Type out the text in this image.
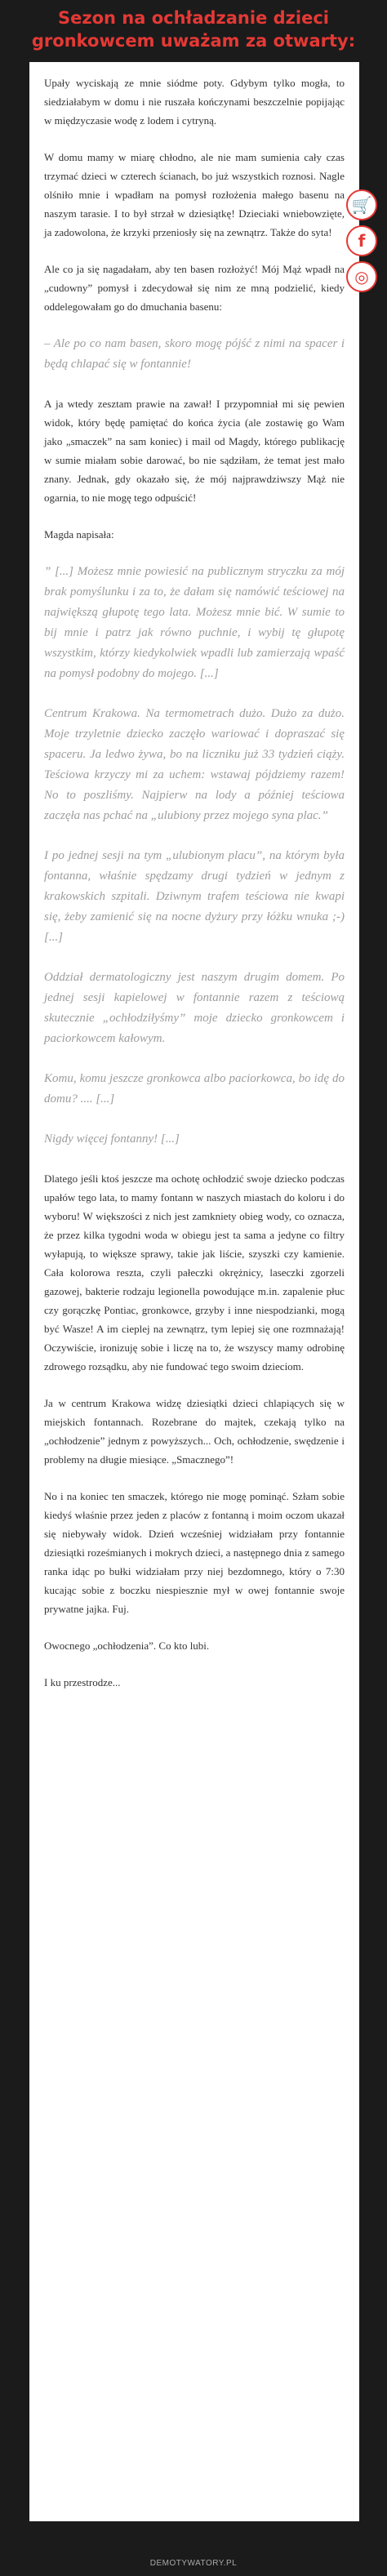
Sezon na ochładzanie dzieci gronkowcem uważam za otwarty:

Upały wyciskają ze mnie siódme poty. Gdybym tylko mogła, to siedziałabym w domu i nie ruszała kończynami beszczelnie popijając w międzyczasie wodę z lodem i cytryną.

W domu mamy w miarę chłodno, ale nie mam sumienia cały czas trzymać dzieci w czterech ścianach, bo już wszystkich roznosi. Nagle olśniło mnie i wpadłam na pomysł rozłożenia małego basenu na naszym tarasie. I to był strzał w dziesiątkę! Dzieciaki wniebowzięte, ja zadowolona, że krzyki przeniosły się na zewnątrz. Także do syta!

Ale co ja się nagadałam, aby ten basen rozłożyć! Mój Mąż wpadł na „cudowny” pomysł i zdecydował się nim ze mną podzielić, kiedy oddelegowałam go do dmuchania basenu:

– Ale po co nam basen, skoro mogę pójść z nimi na spacer i będą chlapać się w fontannie!

A ja wtedy zesztam prawie na zawał! I przypomniał mi się pewien widok, który będę pamiętać do końca życia (ale zostawię go Wam jako „smaczek” na sam koniec) i mail od Magdy, którego publikację w sumie miałam sobie darować, bo nie sądziłam, że temat jest mało znany. Jednak, gdy okazało się, że mój najprawdziwszy Mąż nie ogarnia, to nie mogę tego odpuścić!

Magda napisała:

” [...] Możesz mnie powiesić na publicznym stryczku za mój brak pomyślunku i za to, że dałam się namówić teściowej na największą głupotę tego lata. Możesz mnie bić. W sumie to bij mnie i patrz jak równo puchnie, i wybij tę głupotę wszystkim, którzy kiedykolwiek wpadli lub zamierzają wpaść na pomysł podobny do mojego. [...]

Centrum Krakowa. Na termometrach dużo. Dużo za dużo. Moje trzyletnie dziecko zaczęło wariować i dopraszać się spaceru. Ja ledwo żywa, bo na liczniku już 33 tydzień ciąży. Teściowa krzyczy mi za uchem: wstawaj pójdziemy razem! No to poszliśmy. Najpierw na lody a później teściowa zaczęła nas pchać na „ulubiony przez mojego syna plac.”

I po jednej sesji na tym „ulubionym placu”, na którym była fontanna, właśnie spędzamy drugi tydzień w jednym z krakowskich szpitali. Dziwnym trafem teściowa nie kwapi się, żeby zamienić się na nocne dyżury przy łóżku wnuka ;-) [...]

Oddział dermatologiczny jest naszym drugim domem. Po jednej sesji kapielowej w fontannie razem z teściową skutecznie „ochłodziłyśmy” moje dziecko gronkowcem i paciorkowcem kałowym.

Komu, komu jeszcze gronkowca albo paciorkowca, bo idę do domu? .... [...]

Nigdy więcej fontanny! [...]

Dlatego jeśli ktoś jeszcze ma ochotę ochłodzić swoje dziecko podczas upałów tego lata, to mamy fontann w naszych miastach do koloru i do wyboru! W większości z nich jest zamkniety obieg wody, co oznacza, że przez kilka tygodni woda w obiegu jest ta sama a jedyne co filtry wyłapują, to większe sprawy, takie jak liście, szyszki czy kamienie. Cała kolorowa reszta, czyli pałeczki okrężnicy, laseczki zgorzeli gazowej, bakterie rodzaju legionella powodujące m.in. zapalenie płuc czy gorączkę Pontiac, gronkowce, grzyby i inne niespodzianki, mogą być Wasze! A im cieplej na zewnątrz, tym lepiej się one rozmnażają! Oczywiście, ironizuję sobie i liczę na to, że wszyscy mamy odrobinę zdrowego rozsądku, aby nie fundować tego swoim dzieciom.

Ja w centrum Krakowa widzę dziesiątki dzieci chlapiących się w miejskich fontannach. Rozebrane do majtek, czekają tylko na „ochłodzenie” jednym z powyższych... Och, ochłodzenie, swędzenie i problemy na długie miesiące. „Smacznego”!

No i na koniec ten smaczek, którego nie mogę pominąć. Szłam sobie kiedyś właśnie przez jeden z placów z fontanną i moim oczom ukazał się niebywały widok. Dzień wcześniej widziałam przy fontannie dziesiątki roześmianych i mokrych dzieci, a następnego dnia z samego ranka idąc po bułki widziałam przy niej bezdomnego, który o 7:30 kucając sobie z boczku niespiesznie mył w owej fontannie swoje prywatne jajka. Fuj.

Owocnego „ochłodzenia”. Co kto lubi.

I ku przestrodze...

🛒
f
◎
DEMOTYWATORY.PL
